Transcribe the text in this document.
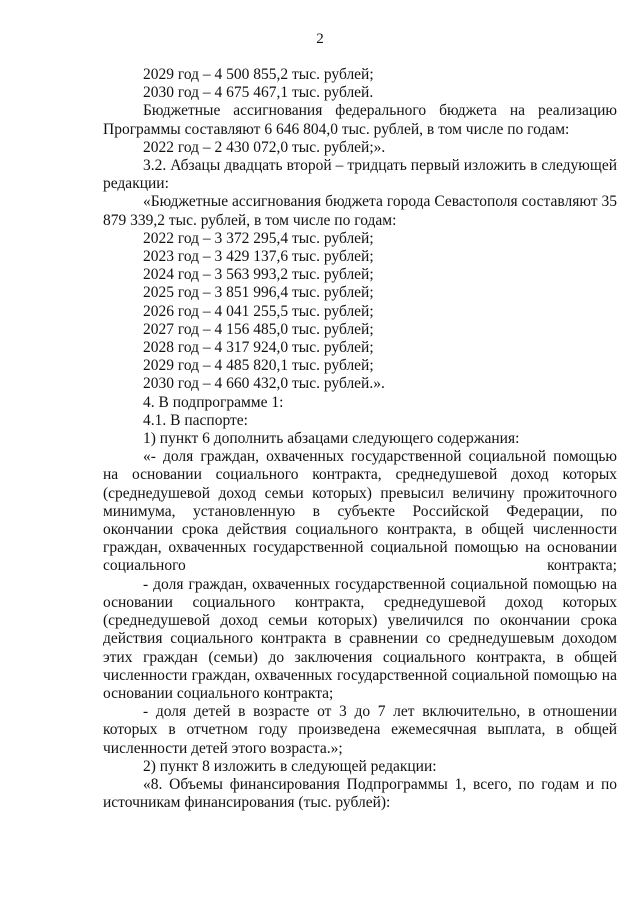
2

2029 год – 4 500 855,2 тыс. рублей;

2030 год – 4 675 467,1 тыс. рублей.

Бюджетные ассигнования федерального бюджета на реализацию Программы составляют 6 646 804,0 тыс. рублей, в том числе по годам:

2022 год – 2 430 072,0 тыс. рублей;».

3.2. Абзацы двадцать второй – тридцать первый изложить в следующей редакции:

«Бюджетные ассигнования бюджета города Севастополя составляют 35 879 339,2 тыс. рублей, в том числе по годам:

2022 год – 3 372 295,4 тыс. рублей;

2023 год – 3 429 137,6 тыс. рублей;

2024 год – 3 563 993,2 тыс. рублей;

2025 год – 3 851 996,4 тыс. рублей;

2026 год – 4 041 255,5 тыс. рублей;

2027 год – 4 156 485,0 тыс. рублей;

2028 год – 4 317 924,0 тыс. рублей;

2029 год – 4 485 820,1 тыс. рублей;

2030 год – 4 660 432,0 тыс. рублей.».

4. В подпрограмме 1:

4.1. В паспорте:

1) пункт 6 дополнить абзацами следующего содержания:

«- доля граждан, охваченных государственной социальной помощью на основании социального контракта, среднедушевой доход которых (среднедушевой доход семьи которых) превысил величину прожиточного минимума, установленную в субъекте Российской Федерации, по окончании срока действия социального контракта, в общей численности граждан, охваченных государственной социальной помощью на основании социального контракта;

- доля граждан, охваченных государственной социальной помощью на основании социального контракта, среднедушевой доход которых (среднедушевой доход семьи которых) увеличился по окончании срока действия социального контракта в сравнении со среднедушевым доходом этих граждан (семьи) до заключения социального контракта, в общей численности граждан, охваченных государственной социальной помощью на основании социального контракта;

- доля детей в возрасте от 3 до 7 лет включительно, в отношении которых в отчетном году произведена ежемесячная выплата, в общей численности детей этого возраста.»;

2) пункт 8 изложить в следующей редакции:

«8. Объемы финансирования Подпрограммы 1, всего, по годам и по источникам финансирования (тыс. рублей):
